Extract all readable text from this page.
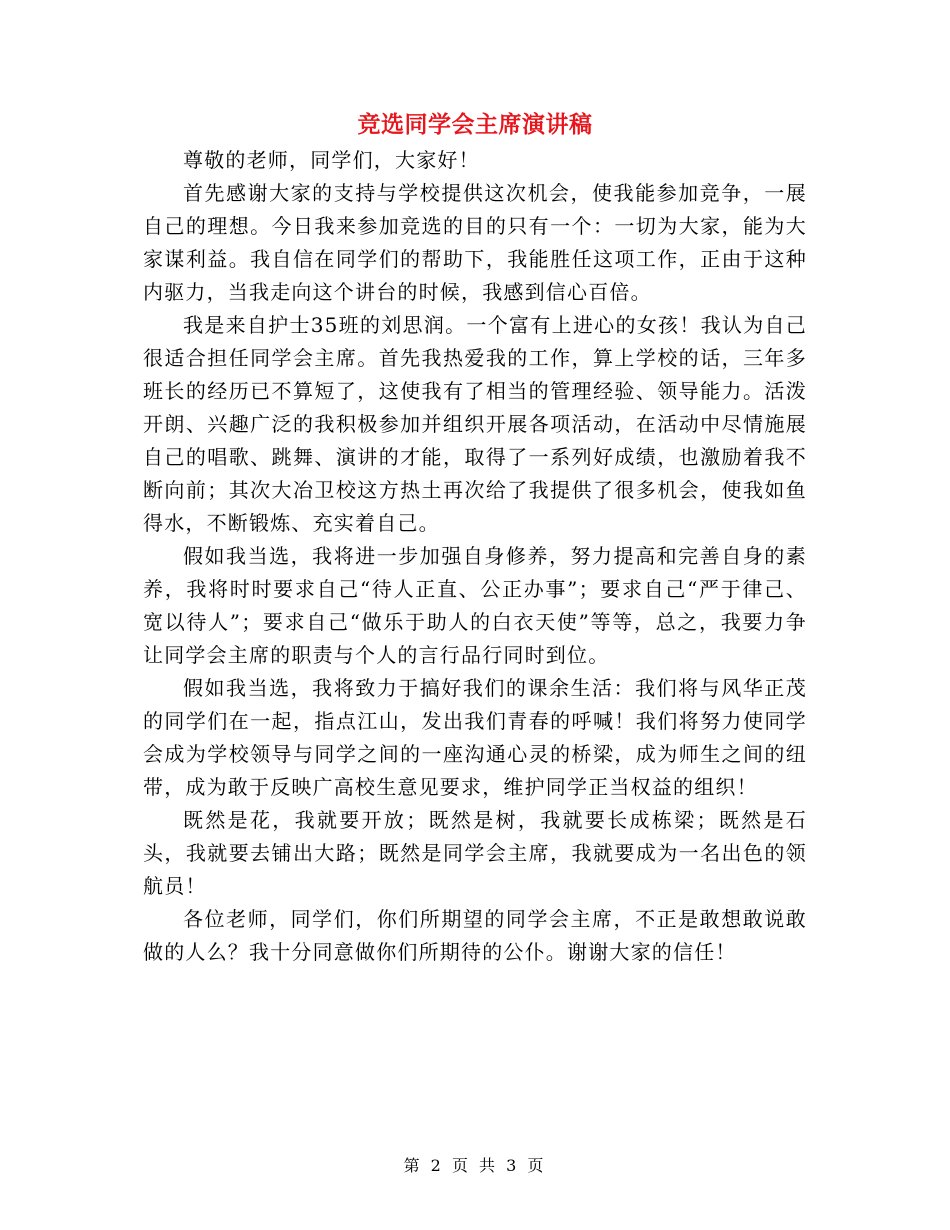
竞选同学会主席演讲稿

尊敬的老师，同学们，大家好！

首先感谢大家的支持与学校提供这次机会，使我能参加竞争，一展自己的理想。今日我来参加竞选的目的只有一个：一切为大家，能为大家谋利益。我自信在同学们的帮助下，我能胜任这项工作，正由于这种内驱力，当我走向这个讲台的时候，我感到信心百倍。

我是来自护士35班的刘思润。一个富有上进心的女孩！我认为自己很适合担任同学会主席。首先我热爱我的工作，算上学校的话，三年多班长的经历已不算短了，这使我有了相当的管理经验、领导能力。活泼开朗、兴趣广泛的我积极参加并组织开展各项活动，在活动中尽情施展自己的唱歌、跳舞、演讲的才能，取得了一系列好成绩，也激励着我不断向前；其次大冶卫校这方热土再次给了我提供了很多机会，使我如鱼得水，不断锻炼、充实着自己。

假如我当选，我将进一步加强自身修养，努力提高和完善自身的素养，我将时时要求自己“待人正直、公正办事”；要求自己“严于律己、宽以待人”；要求自己“做乐于助人的白衣天使”等等，总之，我要力争让同学会主席的职责与个人的言行品行同时到位。

假如我当选，我将致力于搞好我们的课余生活：我们将与风华正茂的同学们在一起，指点江山，发出我们青春的呼喊！我们将努力使同学会成为学校领导与同学之间的一座沟通心灵的桥梁，成为师生之间的纽带，成为敢于反映广高校生意见要求，维护同学正当权益的组织！

既然是花，我就要开放；既然是树，我就要长成栋梁；既然是石头，我就要去铺出大路；既然是同学会主席，我就要成为一名出色的领航员！

各位老师，同学们，你们所期望的同学会主席，不正是敢想敢说敢做的人么？我十分同意做你们所期待的公仆。谢谢大家的信任！

第 2 页 共 3 页
